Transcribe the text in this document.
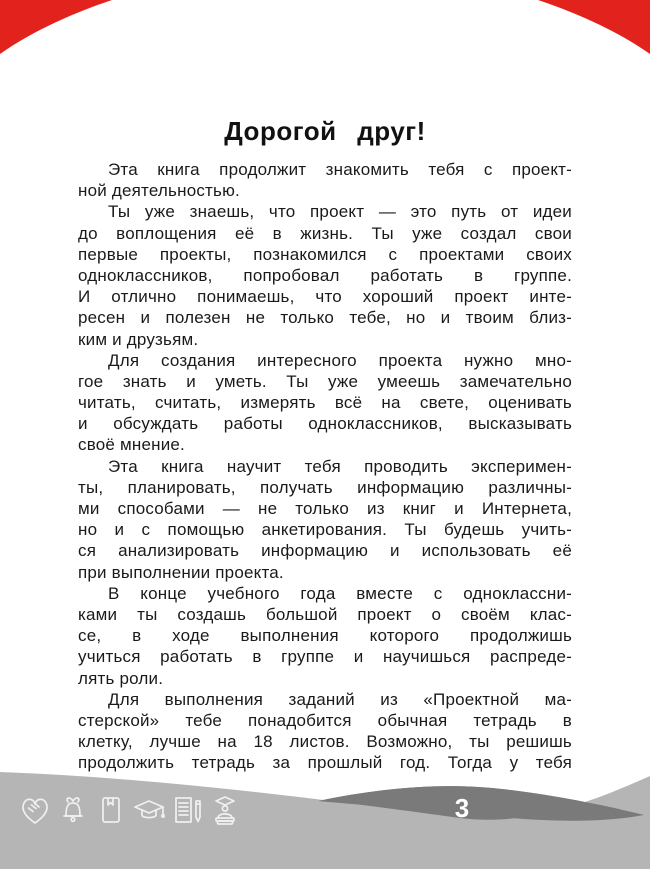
Дорогой друг!
Эта книга продолжит знакомить тебя с проект-
ной деятельностью.
Ты уже знаешь, что проект — это путь от идеи
до воплощения её в жизнь. Ты уже создал свои
первые проекты, познакомился с проектами своих
одноклассников, попробовал работать в группе.
И отлично понимаешь, что хороший проект инте-
ресен и полезен не только тебе, но и твоим близ-
ким и друзьям.
Для создания интересного проекта нужно мно-
гое знать и уметь. Ты уже умеешь замечательно
читать, считать, измерять всё на свете, оценивать
и обсуждать работы одноклассников, высказывать
своё мнение.
Эта книга научит тебя проводить эксперимен-
ты, планировать, получать информацию различны-
ми способами — не только из книг и Интернета,
но и с помощью анкетирования. Ты будешь учить-
ся анализировать информацию и использовать её
при выполнении проекта.
В конце учебного года вместе с одноклассни-
ками ты создашь большой проект о своём клас-
се, в ходе выполнения которого продолжишь
учиться работать в группе и научишься распреде-
лять роли.
Для выполнения заданий из «Проектной ма-
стерской» тебе понадобится обычная тетрадь в
клетку, лучше на 18 листов. Возможно, ты решишь
продолжить тетрадь за прошлый год. Тогда у тебя
3
